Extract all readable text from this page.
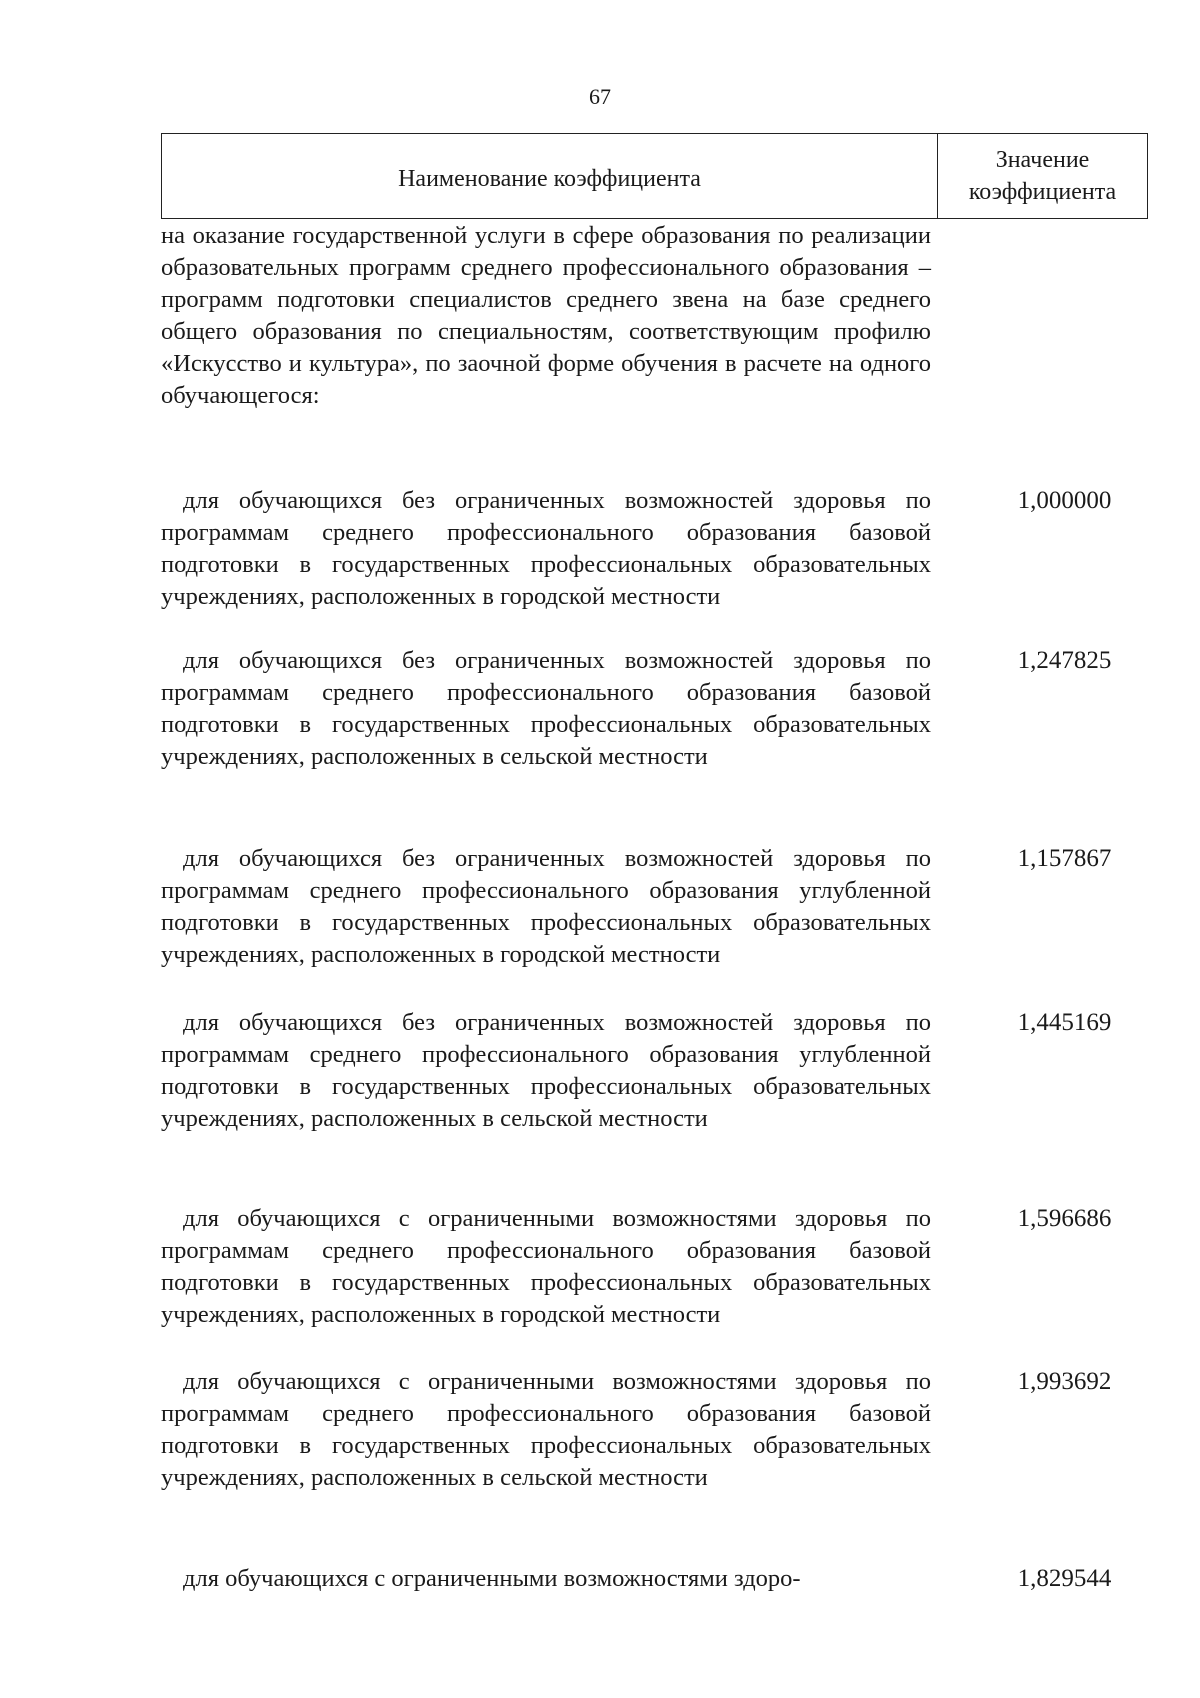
67
Наименование коэффициента
Значение
коэффициента
на оказание государственной услуги в сфере образования по реализации образовательных программ среднего профессионального образования – программ подготовки специалистов среднего звена на базе среднего общего образования по специальностям, соответствующим профилю «Искусство и культура», по заочной форме обучения в расчете на одного обучающегося:
для обучающихся без ограниченных возможностей здоровья по программам среднего профессионального образования базовой подготовки в государственных профессиональных образовательных учреждениях, расположенных в городской местности
1,000000
для обучающихся без ограниченных возможностей здоровья по программам среднего профессионального образования базовой подготовки в государственных профессиональных образовательных учреждениях, расположенных в сельской местности
1,247825
для обучающихся без ограниченных возможностей здоровья по программам среднего профессионального образования углубленной подготовки в государственных профессиональных образовательных учреждениях, расположенных в городской местности
1,157867
для обучающихся без ограниченных возможностей здоровья по программам среднего профессионального образования углубленной подготовки в государственных профессиональных образовательных учреждениях, расположенных в сельской местности
1,445169
для обучающихся с ограниченными возможностями здоровья по программам среднего профессионального образования базовой подготовки в государственных профессиональных образовательных учреждениях, расположенных в городской местности
1,596686
для обучающихся с ограниченными возможностями здоровья по программам среднего профессионального образования базовой подготовки в государственных профессиональных образовательных учреждениях, расположенных в сельской местности
1,993692
для обучающихся с ограниченными возможностями здоро-	1,829544
